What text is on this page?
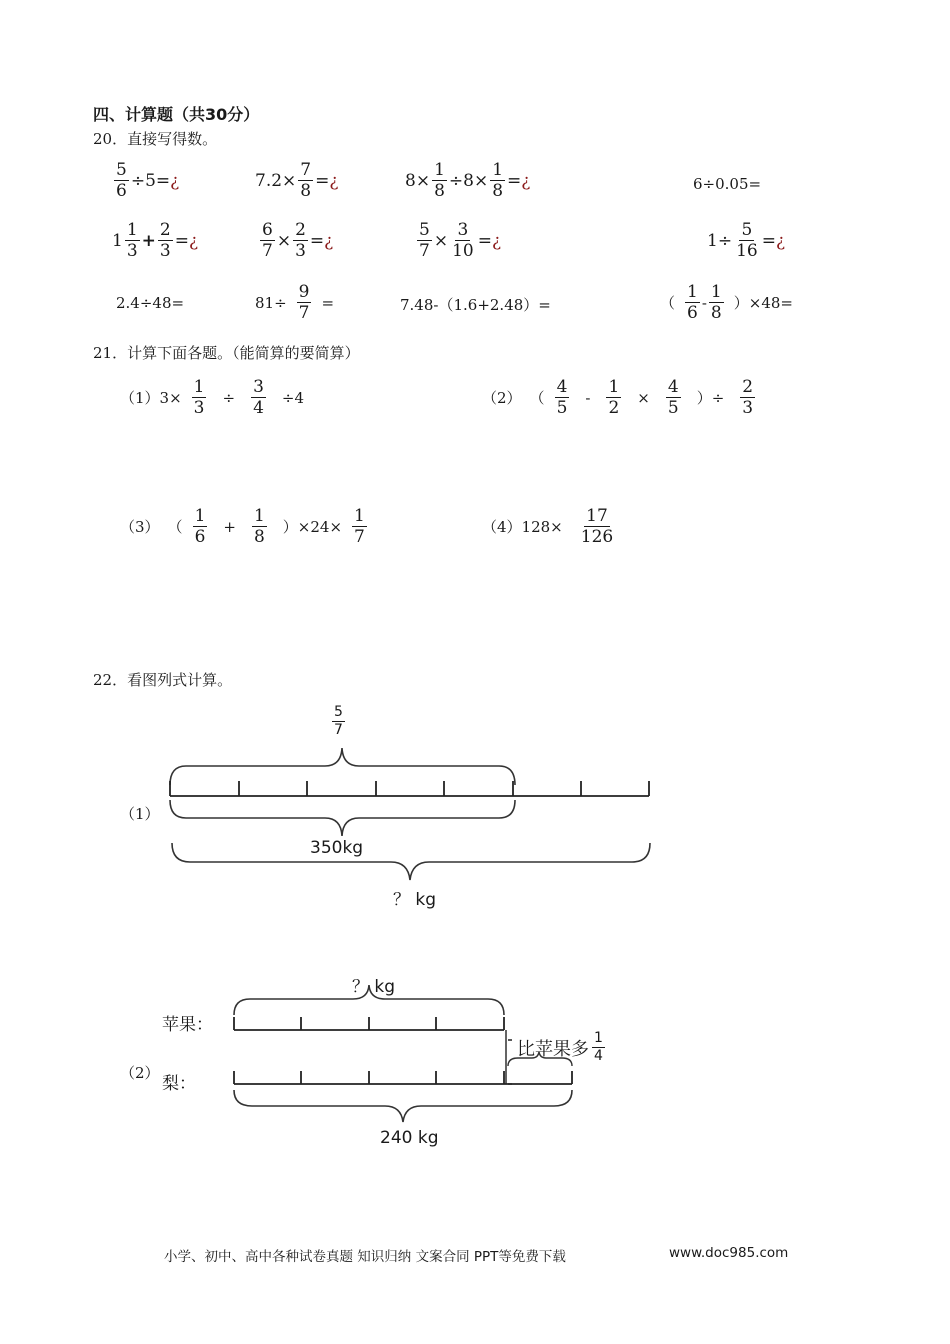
四、计算题（共30分）
20．直接写得数。
$\frac{5}{6} \div 5=$ ¿	$7.2\times \frac{7}{8}$ = ¿	$8\times \frac{1}{8} \div 8\times \frac{1}{8}$ = ¿	6÷0.05=
$1 \frac{1}{3} + \frac{2}{3}$ = ¿	$\frac{6}{7} \times \frac{2}{3}$ = ¿	$\frac{5}{7} \times \frac{3}{10}$ = ¿	$1\div \frac{5}{16}$ = ¿
2.4÷48=	$81\div \frac{9}{7}$ =	7.48-（1.6+2.48）=	（ $\frac{1}{6} - \frac{1}{8} )\times 48=$
21．计算下面各题。（能简算的要简算）
$(1)3\times \frac{1}{3} \div \frac{3}{4} \div 4$	（2） （ $\frac{4}{5} - \frac{1}{2} \times \frac{4}{5}$ ）÷ $\frac{2}{3}$
（3） （ $\frac{1}{6} + \frac{1}{8} )\times 24\times \frac{1}{7}$	$(4)128\times \frac{17}{126}$
22．看图列式计算。
（1）
$\frac{5}{7}$
350kg
？ kg
（2）
？ kg
苹果：
梨：
比苹果多 $\frac{1}{4}$
240 kg
小学、初中、高中各种试卷真题 知识归纳 文案合同 PPT等免费下载	www.doc985.com
